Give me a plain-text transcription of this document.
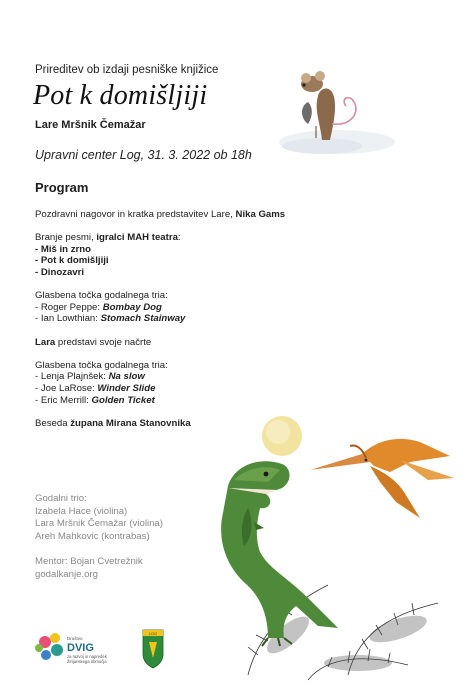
Prireditev ob izdaji pesniške knjižice
Pot k domišljiji
Lare Mršnik Čemažar
Upravni center Log, 31. 3. 2022 ob 18h
Program
Pozdravni nagovor in kratka predstavitev Lare, Nika Gams
Branje pesmi, igralci MAH teatra:
- Miš in zrno
- Pot k domišljiji
- Dinozavri
Glasbena točka godalnega tria:
- Roger Peppe: Bombay Dog
- Ian Lowthian: Stomach Stainway
Lara predstavi svoje načrte
Glasbena točka godalnega tria:
- Lenja Plajnšek: Na slow
- Joe LaRose: Winder Slide
- Eric Merrill: Golden Ticket
Beseda župana Mirana Stanovnika
Godalni trio:
Izabela Hace (violina)
Lara Mršnik Čemažar (violina)
Areh Mahkovic (kontrabas)
Mentor: Bojan Cvetrežnik
godalkanje.org
Društvo
DVIG
za razvoj in napredek
Žirijanskega območja
LOG
